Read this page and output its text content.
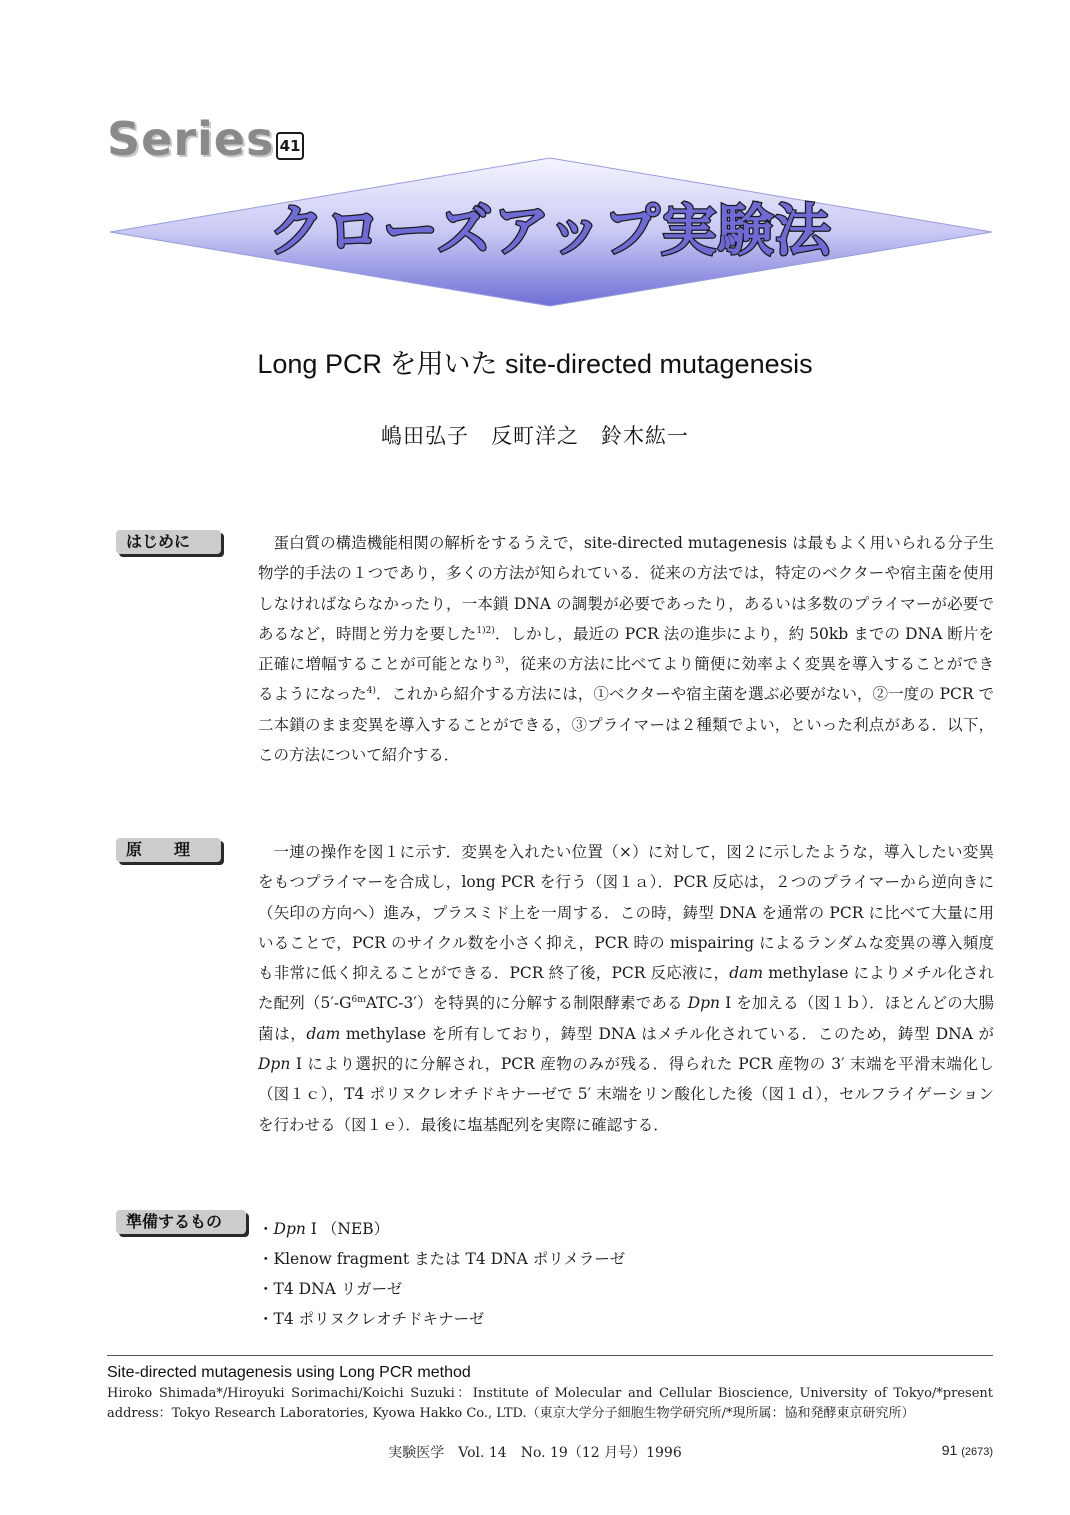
クローズアップ実験法
Series 41
Long PCR を用いた site-directed mutagenesis
嶋田弘子　反町洋之　鈴木紘一
はじめに	蛋白質の構造機能相関の解析をするうえで，site-directed mutagenesis は最もよく用いられる分子生物学的手法の１つであり，多くの方法が知られている．従来の方法では，特定のベクターや宿主菌を使用しなければならなかったり，一本鎖 DNA の調製が必要であったり，あるいは多数のプライマーが必要であるなど，時間と労力を要した$^{1)2)}$．しかし，最近の PCR 法の進歩により，約 50kb までの DNA 断片を正確に増幅することが可能となり$^{3)}$，従来の方法に比べてより簡便に効率よく変異を導入することができるようになった$^{4)}$．これから紹介する方法には，①ベクターや宿主菌を選ぶ必要がない，②一度の PCR で二本鎖のまま変異を導入することができる，③プライマーは２種類でよい，といった利点がある．以下，この方法について紹介する．
原　　理	一連の操作を図１に示す．変異を入れたい位置（×）に対して，図２に示したような，導入したい変異をもつプライマーを合成し，long PCR を行う（図１ａ）．PCR 反応は，２つのプライマーから逆向きに（矢印の方向へ）進み，プラスミド上を一周する．この時，鋳型 DNA を通常の PCR に比べて大量に用いることで，PCR のサイクル数を小さく抑え，PCR 時の mispairing によるランダムな変異の導入頻度も非常に低く抑えることができる．PCR 終了後，PCR 反応液に，dam methylase によりメチル化された配列$(5'-G^{6m}ATC-3')$を特異的に分解する制限酵素である Dpn I を加える（図１ｂ）．ほとんどの大腸菌は，dam methylase を所有しており，鋳型 DNA はメチル化されている．このため，鋳型 DNA が Dpn I により選択的に分解され，PCR 産物のみが残る．得られた PCR 産物の 3′ 末端を平滑末端化し（図１ｃ），T4 ポリヌクレオチドキナーゼで 5′ 末端をリン酸化した後（図１ｄ），セルフライゲーションを行わせる（図１ｅ）．最後に塩基配列を実際に確認する．
準備するもの	・Dpn I （NEB）
・Klenow fragment または T4 DNA ポリメラーゼ
・T4 DNA リガーゼ
・T4 ポリヌクレオチドキナーゼ
Site-directed mutagenesis using Long PCR method
Hiroko Shimada*/Hiroyuki Sorimachi/Koichi Suzuki：Institute of Molecular and Cellular Bioscience, University of Tokyo/*present address：Tokyo Research Laboratories, Kyowa Hakko Co., LTD.（東京大学分子細胞生物学研究所/*現所属：協和発酵東京研究所）
実験医学　Vol. 14　No. 19（12 月号）1996	91 (2673)
